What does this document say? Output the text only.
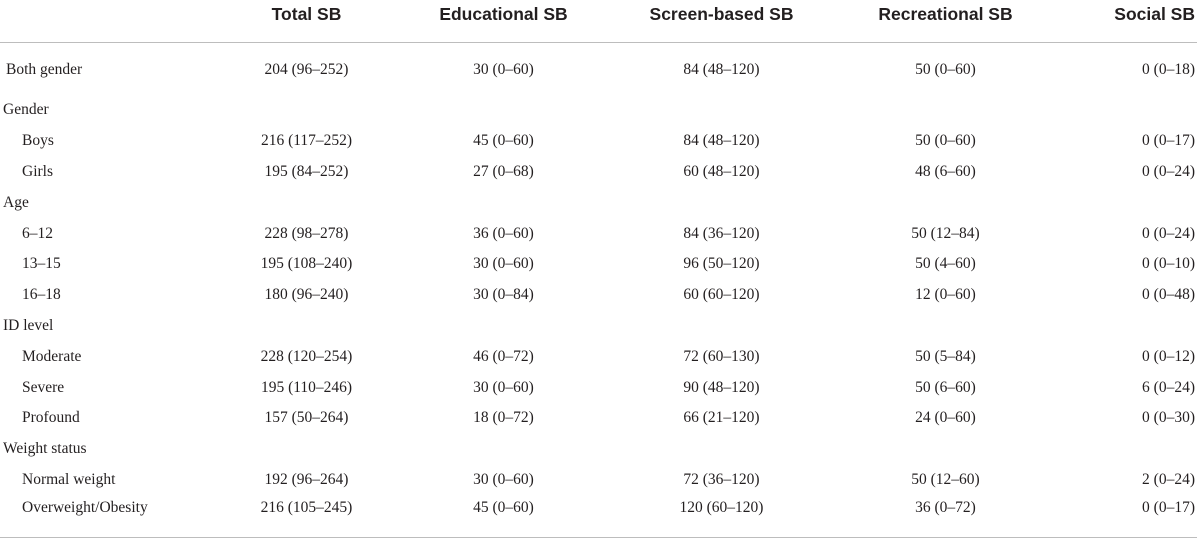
	Total SB	Educational SB	Screen-based SB	Recreational SB	Social SB
Both gender	204 (96–252)	30 (0–60)	84 (48–120)	50 (0–60)	0 (0–18)
Gender					
Boys	216 (117–252)	45 (0–60)	84 (48–120)	50 (0–60)	0 (0–17)
Girls	195 (84–252)	27 (0–68)	60 (48–120)	48 (6–60)	0 (0–24)
Age					
6–12	228 (98–278)	36 (0–60)	84 (36–120)	50 (12–84)	0 (0–24)
13–15	195 (108–240)	30 (0–60)	96 (50–120)	50 (4–60)	0 (0–10)
16–18	180 (96–240)	30 (0–84)	60 (60–120)	12 (0–60)	0 (0–48)
ID level					
Moderate	228 (120–254)	46 (0–72)	72 (60–130)	50 (5–84)	0 (0–12)
Severe	195 (110–246)	30 (0–60)	90 (48–120)	50 (6–60)	6 (0–24)
Profound	157 (50–264)	18 (0–72)	66 (21–120)	24 (0–60)	0 (0–30)
Weight status					
Normal weight	192 (96–264)	30 (0–60)	72 (36–120)	50 (12–60)	2 (0–24)
Overweight/Obesity	216 (105–245)	45 (0–60)	120 (60–120)	36 (0–72)	0 (0–17)
